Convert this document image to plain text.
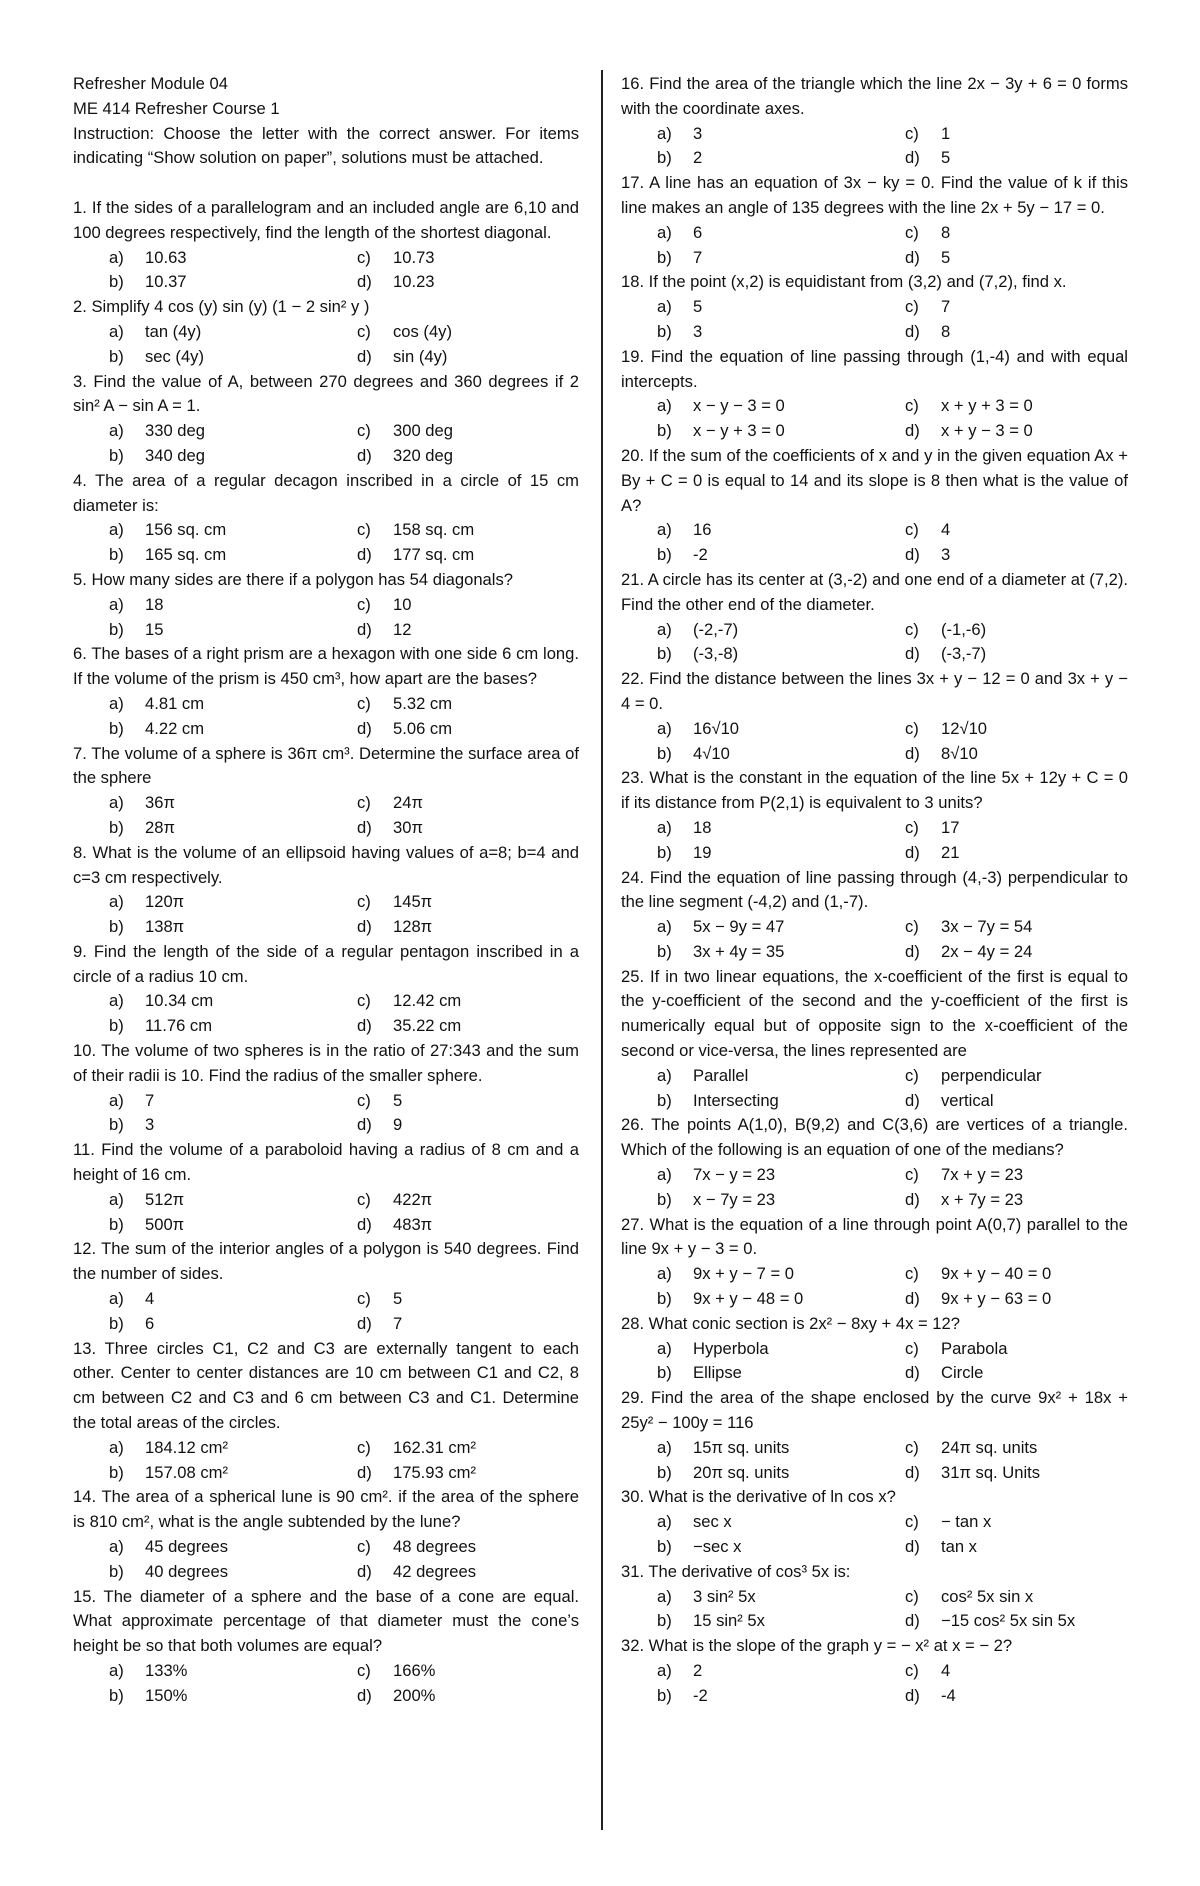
Refresher Module 04
ME 414 Refresher Course 1
Instruction: Choose the letter with the correct answer. For items indicating “Show solution on paper”, solutions must be attached.
1. If the sides of a parallelogram and an included angle are 6,10 and 100 degrees respectively, find the length of the shortest diagonal.
a)	10.63	c)	10.73
b)	10.37	d)	10.23
2. Simplify 4 cos (y) sin (y) (1 − 2 sin² y )
a)	tan (4y)	c)	cos (4y)
b)	sec (4y)	d)	sin (4y)
3. Find the value of A, between 270 degrees and 360 degrees if 2 sin² A − sin A = 1.
a)	330 deg	c)	300 deg
b)	340 deg	d)	320 deg
4. The area of a regular decagon inscribed in a circle of 15 cm diameter is:
a)	156 sq. cm	c)	158 sq. cm
b)	165 sq. cm	d)	177 sq. cm
5. How many sides are there if a polygon has 54 diagonals?
a)	18	c)	10
b)	15	d)	12
6. The bases of a right prism are a hexagon with one side 6 cm long. If the volume of the prism is 450 cm³, how apart are the bases?
a)	4.81 cm	c)	5.32 cm
b)	4.22 cm	d)	5.06 cm
7. The volume of a sphere is 36π cm³. Determine the surface area of the sphere
a)	36π	c)	24π
b)	28π	d)	30π
8. What is the volume of an ellipsoid having values of a=8; b=4 and c=3 cm respectively.
a)	120π	c)	145π
b)	138π	d)	128π
9. Find the length of the side of a regular pentagon inscribed in a circle of a radius 10 cm.
a)	10.34 cm	c)	12.42 cm
b)	11.76 cm	d)	35.22 cm
10. The volume of two spheres is in the ratio of 27:343 and the sum of their radii is 10. Find the radius of the smaller sphere.
a)	7	c)	5
b)	3	d)	9
11. Find the volume of a paraboloid having a radius of 8 cm and a height of 16 cm.
a)	512π	c)	422π
b)	500π	d)	483π
12. The sum of the interior angles of a polygon is 540 degrees. Find the number of sides.
a)	4	c)	5
b)	6	d)	7
13. Three circles C1, C2 and C3 are externally tangent to each other. Center to center distances are 10 cm between C1 and C2, 8 cm between C2 and C3 and 6 cm between C3 and C1. Determine the total areas of the circles.
a)	184.12 cm²	c)	162.31 cm²
b)	157.08 cm²	d)	175.93 cm²
14. The area of a spherical lune is 90 cm². if the area of the sphere is 810 cm², what is the angle subtended by the lune?
a)	45 degrees	c)	48 degrees
b)	40 degrees	d)	42 degrees
15. The diameter of a sphere and the base of a cone are equal. What approximate percentage of that diameter must the cone’s height be so that both volumes are equal?
a)	133%	c)	166%
b)	150%	d)	200%
16. Find the area of the triangle which the line 2x − 3y + 6 = 0 forms with the coordinate axes.
a)	3	c)	1
b)	2	d)	5
17. A line has an equation of 3x − ky = 0. Find the value of k if this line makes an angle of 135 degrees with the line 2x + 5y − 17 = 0.
a)	6	c)	8
b)	7	d)	5
18. If the point (x,2) is equidistant from (3,2) and (7,2), find x.
a)	5	c)	7
b)	3	d)	8
19. Find the equation of line passing through (1,-4) and with equal intercepts.
a)	x − y − 3 = 0	c)	x + y + 3 = 0
b)	x − y + 3 = 0	d)	x + y − 3 = 0
20. If the sum of the coefficients of x and y in the given equation Ax + By + C = 0 is equal to 14 and its slope is 8 then what is the value of A?
a)	16	c)	4
b)	-2	d)	3
21. A circle has its center at (3,-2) and one end of a diameter at (7,2). Find the other end of the diameter.
a)	(-2,-7)	c)	(-1,-6)
b)	(-3,-8)	d)	(-3,-7)
22. Find the distance between the lines 3x + y − 12 = 0 and 3x + y − 4 = 0.
a)	16√10	c)	12√10
b)	4√10	d)	8√10
23. What is the constant in the equation of the line 5x + 12y + C = 0 if its distance from P(2,1) is equivalent to 3 units?
a)	18	c)	17
b)	19	d)	21
24. Find the equation of line passing through (4,-3) perpendicular to the line segment (-4,2) and (1,-7).
a)	5x − 9y = 47	c)	3x − 7y = 54
b)	3x + 4y = 35	d)	2x − 4y = 24
25. If in two linear equations, the x-coefficient of the first is equal to the y-coefficient of the second and the y-coefficient of the first is numerically equal but of opposite sign to the x-coefficient of the second or vice-versa, the lines represented are
a)	Parallel	c)	perpendicular
b)	Intersecting	d)	vertical
26. The points A(1,0), B(9,2) and C(3,6) are vertices of a triangle. Which of the following is an equation of one of the medians?
a)	7x − y = 23	c)	7x + y = 23
b)	x − 7y = 23	d)	x + 7y = 23
27. What is the equation of a line through point A(0,7) parallel to the line 9x + y − 3 = 0.
a)	9x + y − 7 = 0	c)	9x + y − 40 = 0
b)	9x + y − 48 = 0	d)	9x + y − 63 = 0
28. What conic section is 2x² − 8xy + 4x = 12?
a)	Hyperbola	c)	Parabola
b)	Ellipse	d)	Circle
29. Find the area of the shape enclosed by the curve 9x² + 18x + 25y² − 100y = 116
a)	15π sq. units	c)	24π sq. units
b)	20π sq. units	d)	31π sq. Units
30. What is the derivative of ln cos x?
a)	sec x	c)	− tan x
b)	−sec x	d)	tan x
31. The derivative of cos³ 5x is:
a)	3 sin² 5x	c)	cos² 5x sin x
b)	15 sin² 5x	d)	−15 cos² 5x sin 5x
32. What is the slope of the graph y = − x² at x = − 2?
a)	2	c)	4
b)	-2	d)	-4
